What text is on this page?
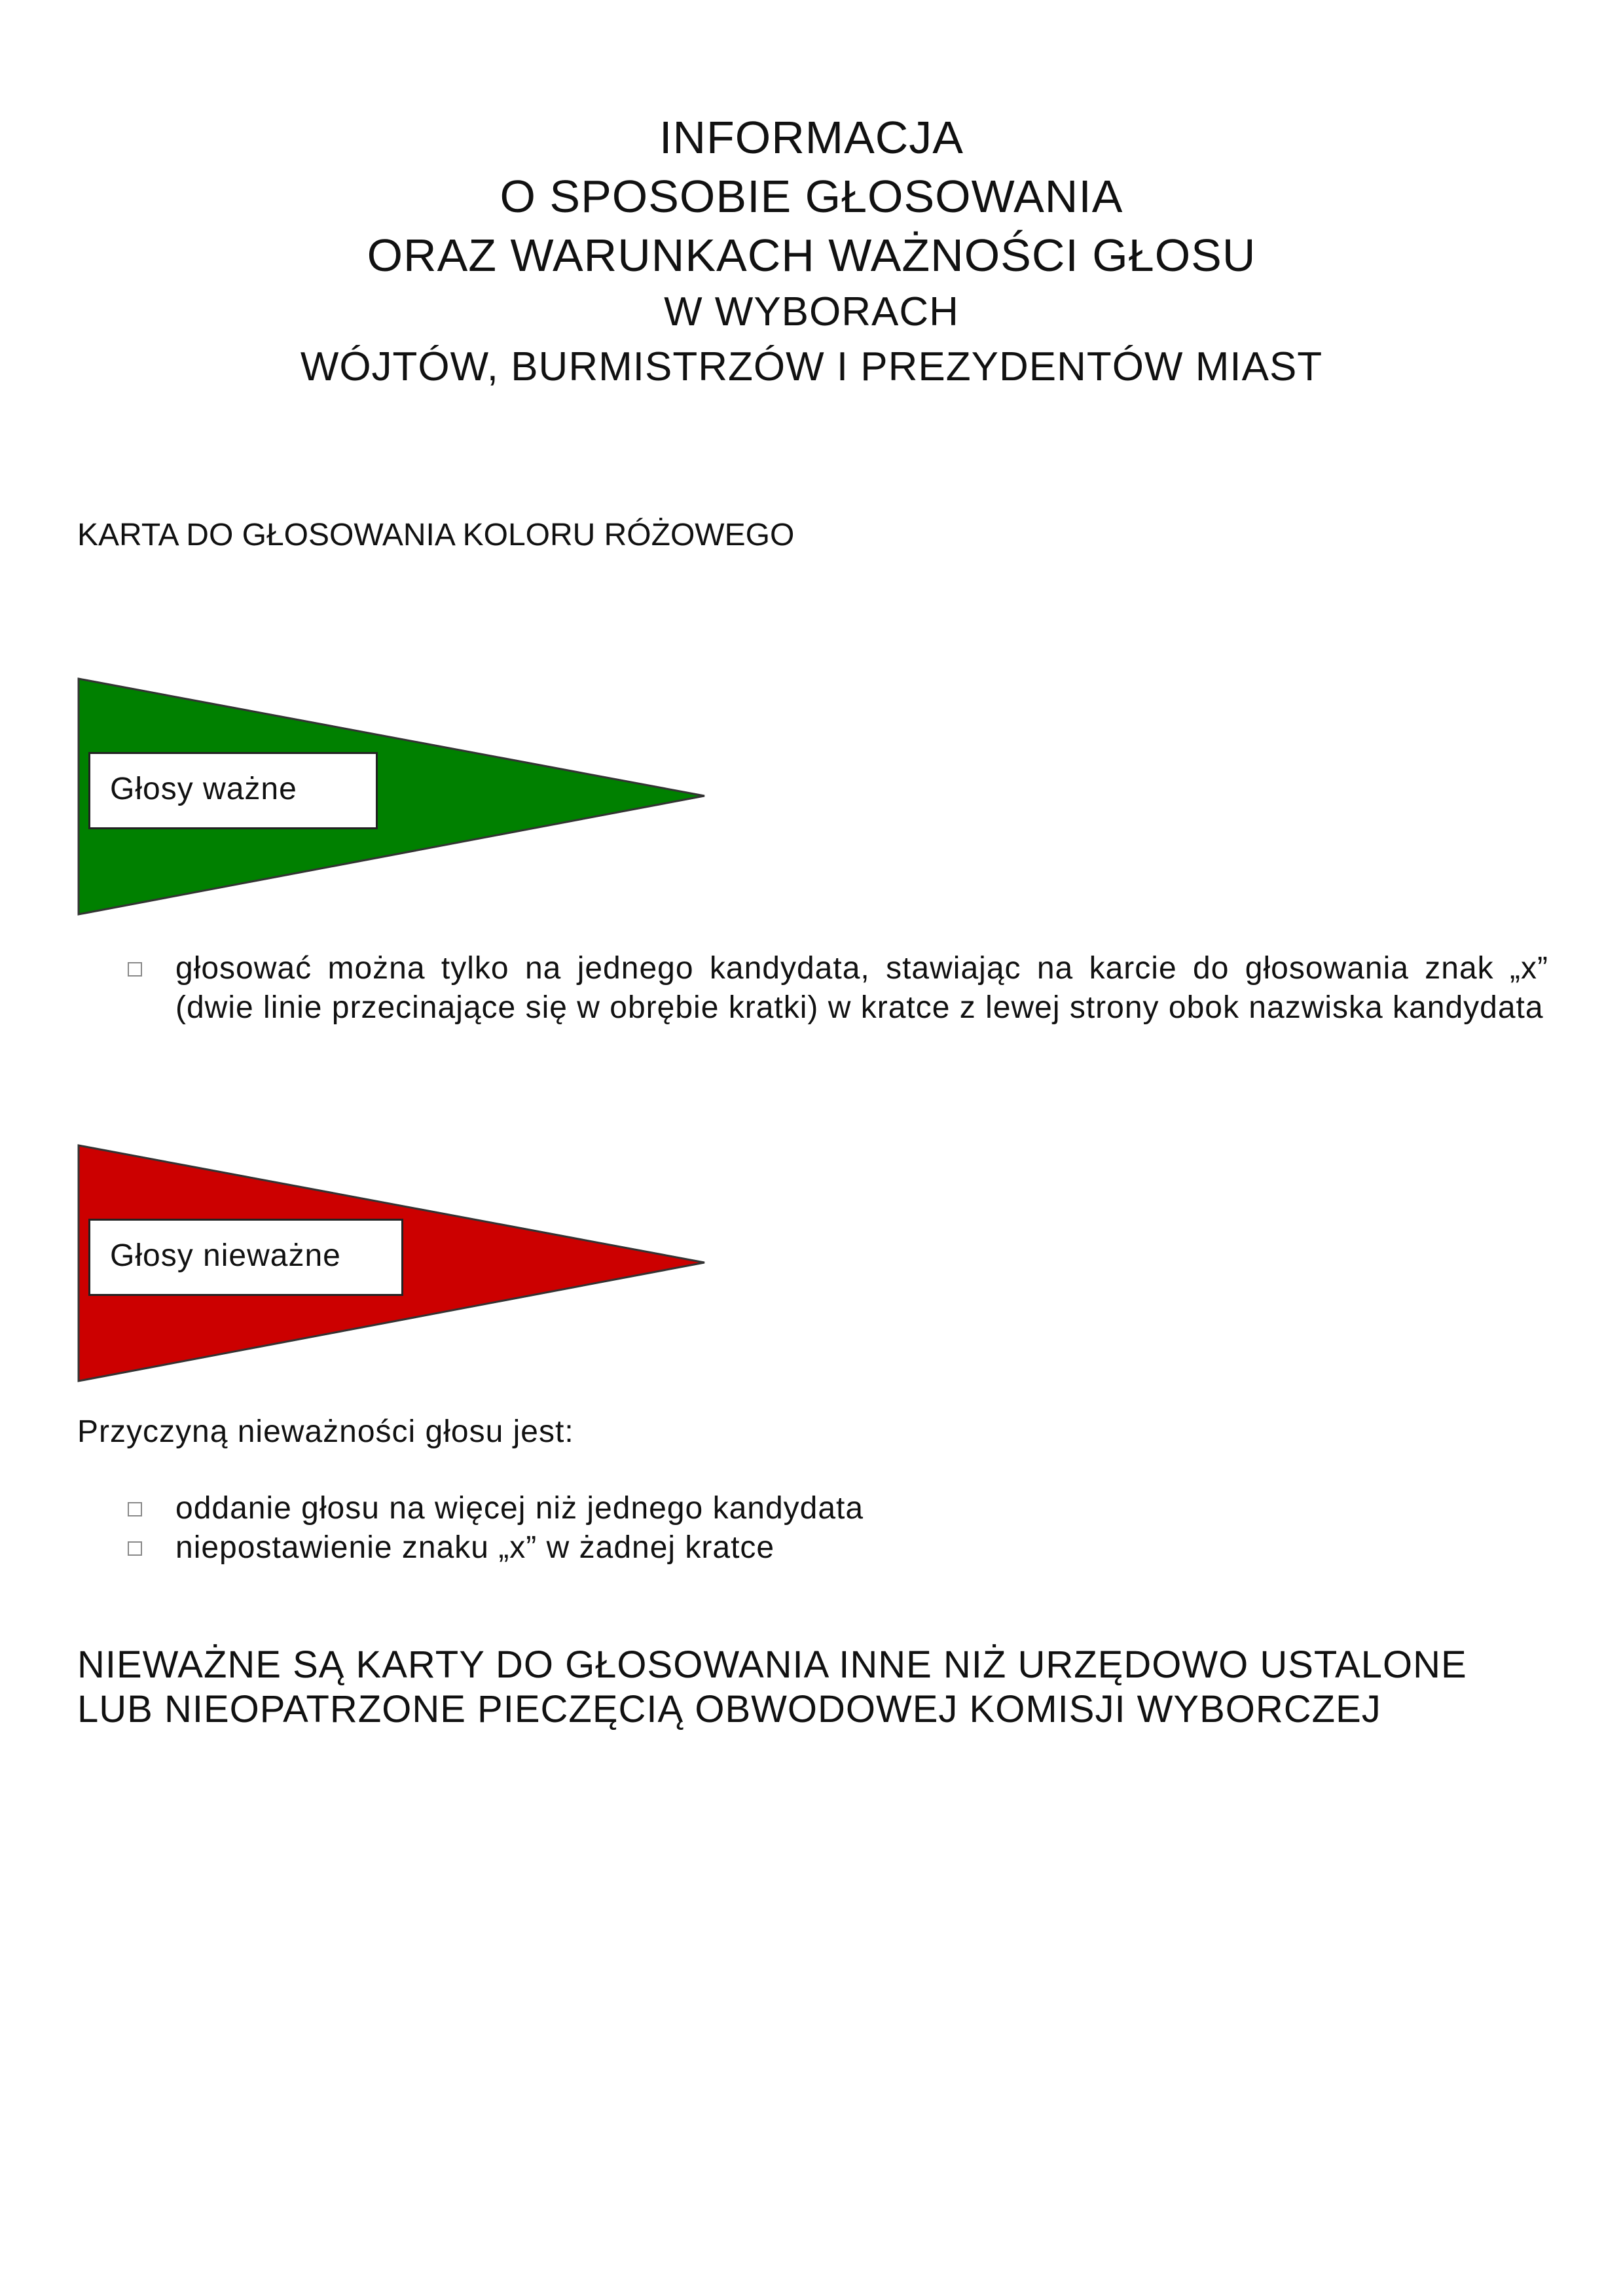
INFORMACJA
O SPOSOBIE GŁOSOWANIA
ORAZ WARUNKACH WAŻNOŚCI GŁOSU
W WYBORACH
WÓJTÓW, BURMISTRZÓW I PREZYDENTÓW MIAST
KARTA DO GŁOSOWANIA KOLORU RÓŻOWEGO
Głosy ważne
głosować można tylko na jednego kandydata, stawiając na karcie do głosowania znak „x” (dwie linie przecinające się w obrębie kratki) w kratce z lewej strony obok nazwiska kandydata
Głosy nieważne
Przyczyną nieważności głosu jest:
oddanie głosu na więcej niż jednego kandydata
niepostawienie znaku „x” w żadnej kratce
NIEWAŻNE SĄ KARTY DO GŁOSOWANIA INNE NIŻ URZĘDOWO USTALONE
LUB NIEOPATRZONE PIECZĘCIĄ OBWODOWEJ KOMISJI WYBORCZEJ
